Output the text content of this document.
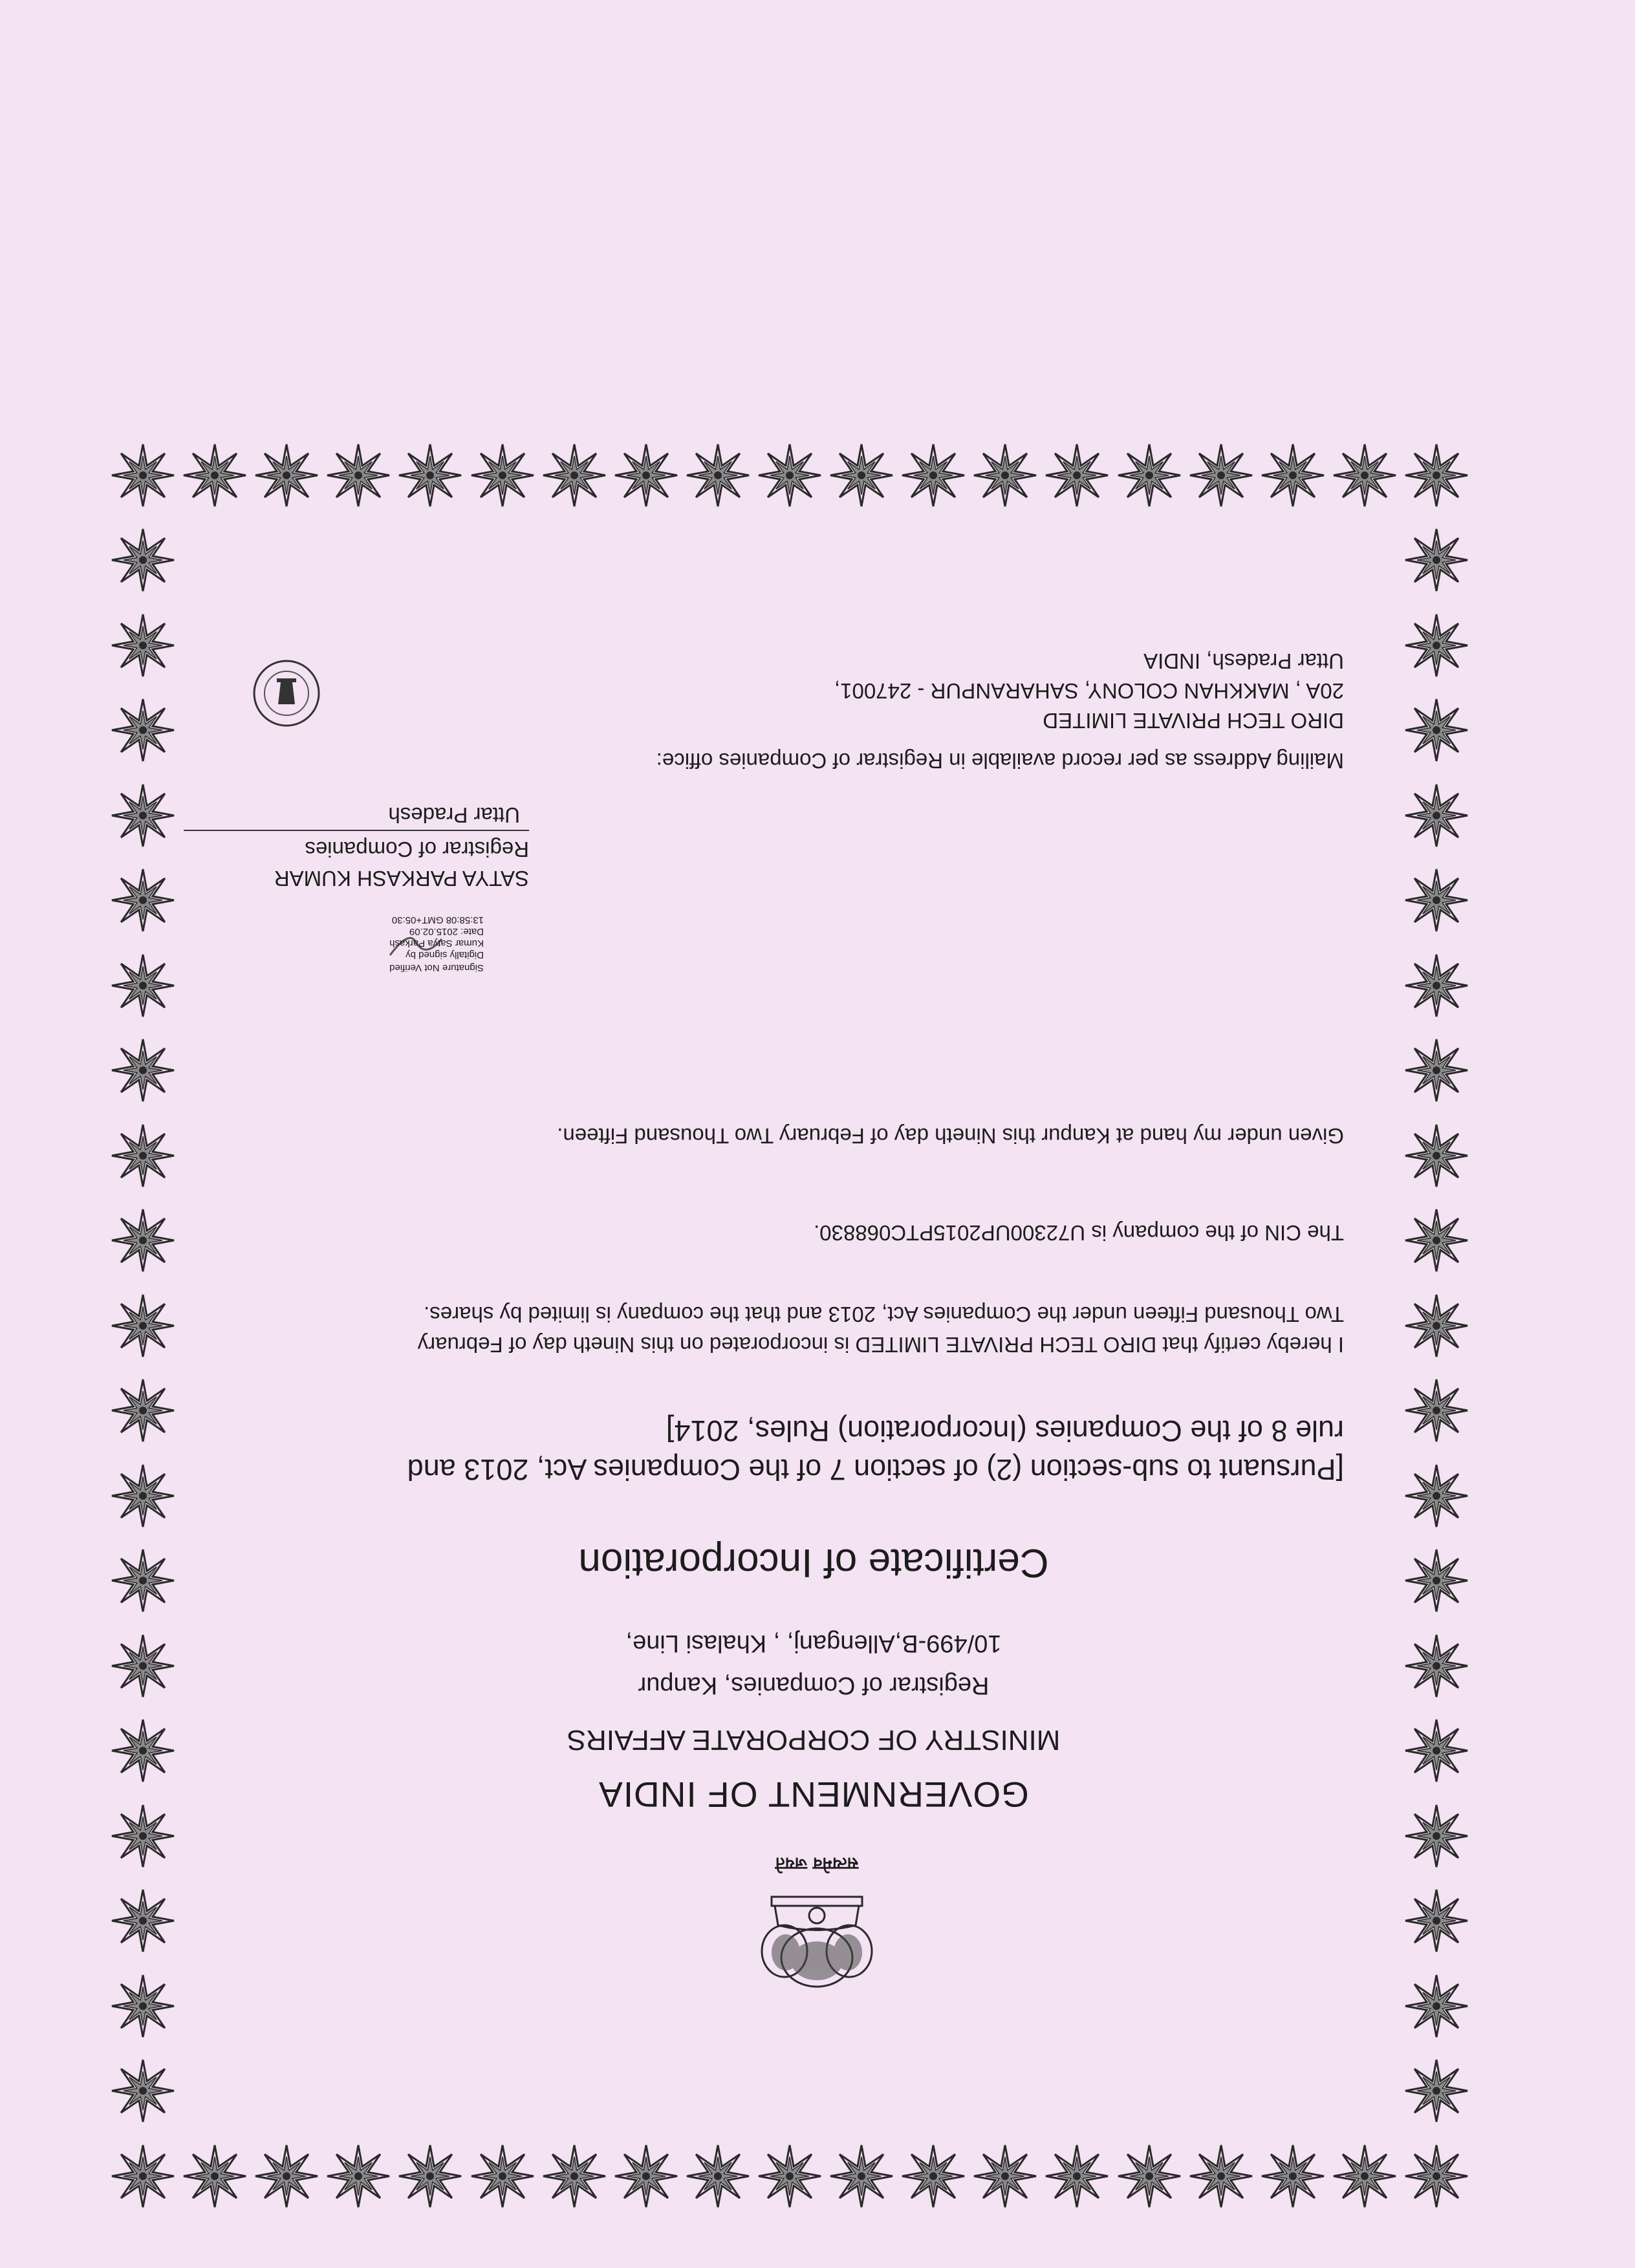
सत्यमेव जयते
GOVERNMENT OF INDIA
MINISTRY OF CORPORATE AFFAIRS
Registrar of Companies, Kanpur
10/499-B,Allenganj, , Khalasi Line,
Certificate of Incorporation
[Pursuant to sub-section (2) of section 7 of the Companies Act, 2013 and
rule 8 of the Companies (Incorporation) Rules, 2014]
I hereby certify that DIRO TECH PRIVATE LIMITED is incorporated on this Nineth day of February
Two Thousand Fifteen under the Companies Act, 2013 and that the company is limited by shares.
The CIN of the company is U72300UP2015PTC068830.
Given under my hand at Kanpur this Nineth day of February Two Thousand Fifteen.
Signature Not Verified
Digitally signed by
Kumar Satya Parkash
Date: 2015.02.09
13:58:08 GMT+05:30
SATYA PARKASH KUMAR
Registrar of Companies
Uttar Pradesh
Mailing Address as per record available in Registrar of Companies office:
DIRO TECH PRIVATE LIMITED
20A , MAKKHAN COLONY, SAHARANPUR - 247001,
Uttar Pradesh, INDIA
